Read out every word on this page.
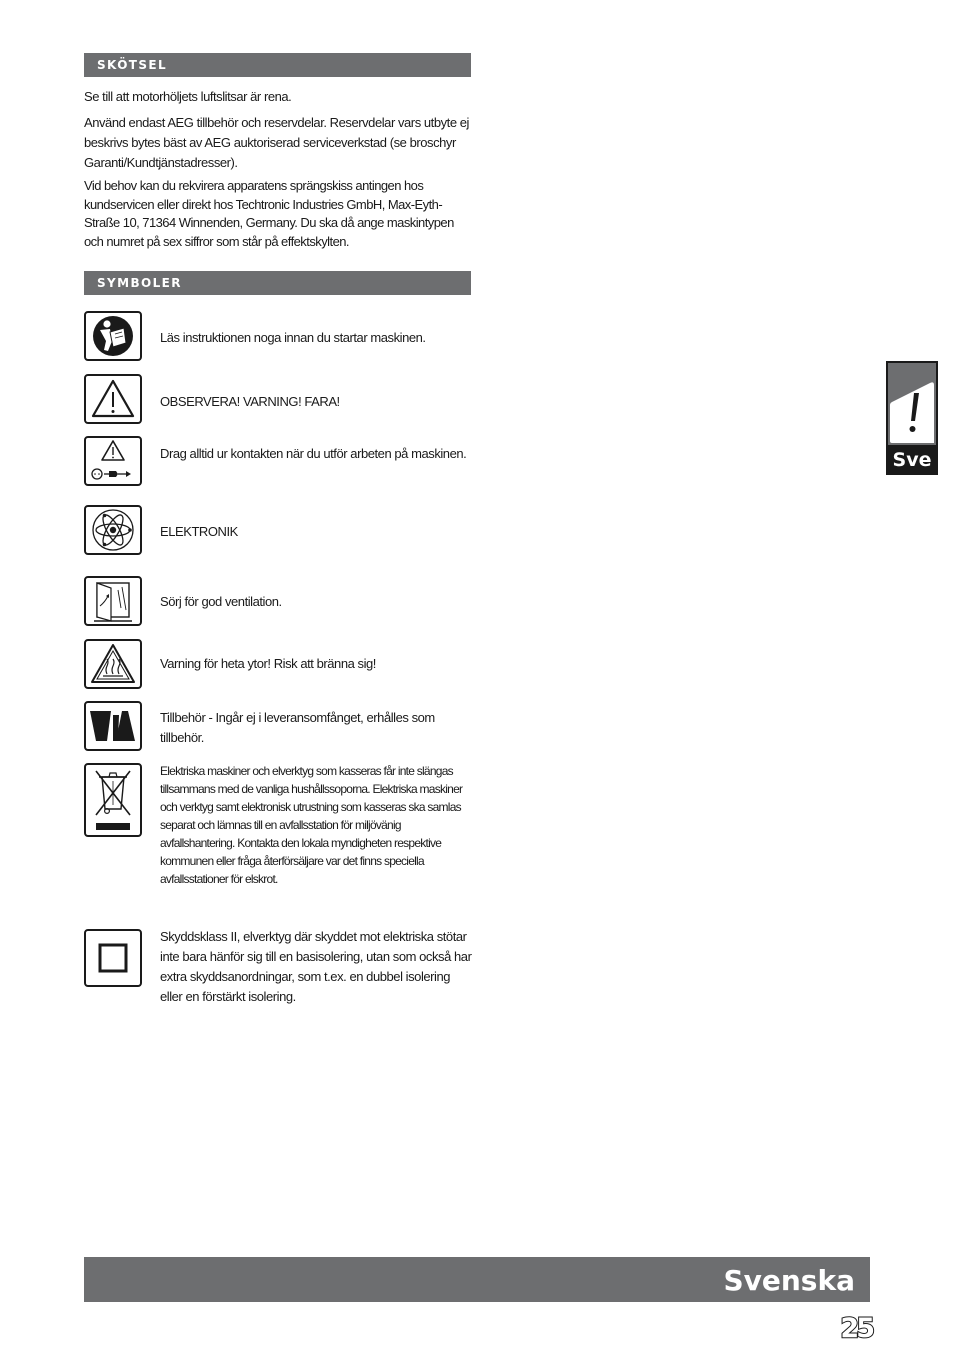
SKÖTSEL

Se till att motorhöljets luftslitsar är rena.

Använd endast AEG tillbehör och reservdelar. Reservdelar vars utbyte ej beskrivs bytes bäst av AEG auktoriserad serviceverkstad (se broschyr Garanti/Kundtjänstadresser).

Vid behov kan du rekvirera apparatens sprängskiss antingen hos kundservicen eller direkt hos Techtronic Industries GmbH, Max-Eyth-Straße 10, 71364 Winnenden, Germany. Du ska då ange maskintypen och numret på sex siffror som står på effektskylten.

SYMBOLER
Läs instruktionen noga innan du startar maskinen.
OBSERVERA! VARNING! FARA!
Drag alltid ur kontakten när du utför arbeten på maskinen.
ELEKTRONIK
Sörj för god ventilation.
Varning för heta ytor! Risk att bränna sig!
Tillbehör - Ingår ej i leveransomfånget, erhålles som tillbehör.
Elektriska maskiner och elverktyg som kasseras får inte slängas tillsammans med de vanliga hushållssoporna. Elektriska maskiner och verktyg samt elektronisk utrustning som kasseras ska samlas separat och lämnas till en avfallsstation för miljövänig avfallshantering. Kontakta den lokala myndigheten respektive kommunen eller fråga återförsäljare var det finns speciella avfallsstationer för elskrot.
Skyddsklass II, elverktyg där skyddet mot elektriska stötar inte bara hänför sig till en basisolering, utan som också har extra skyddsanordningar, som t.ex. en dubbel isolering eller en förstärkt isolering.
Sve
Svenska
25
